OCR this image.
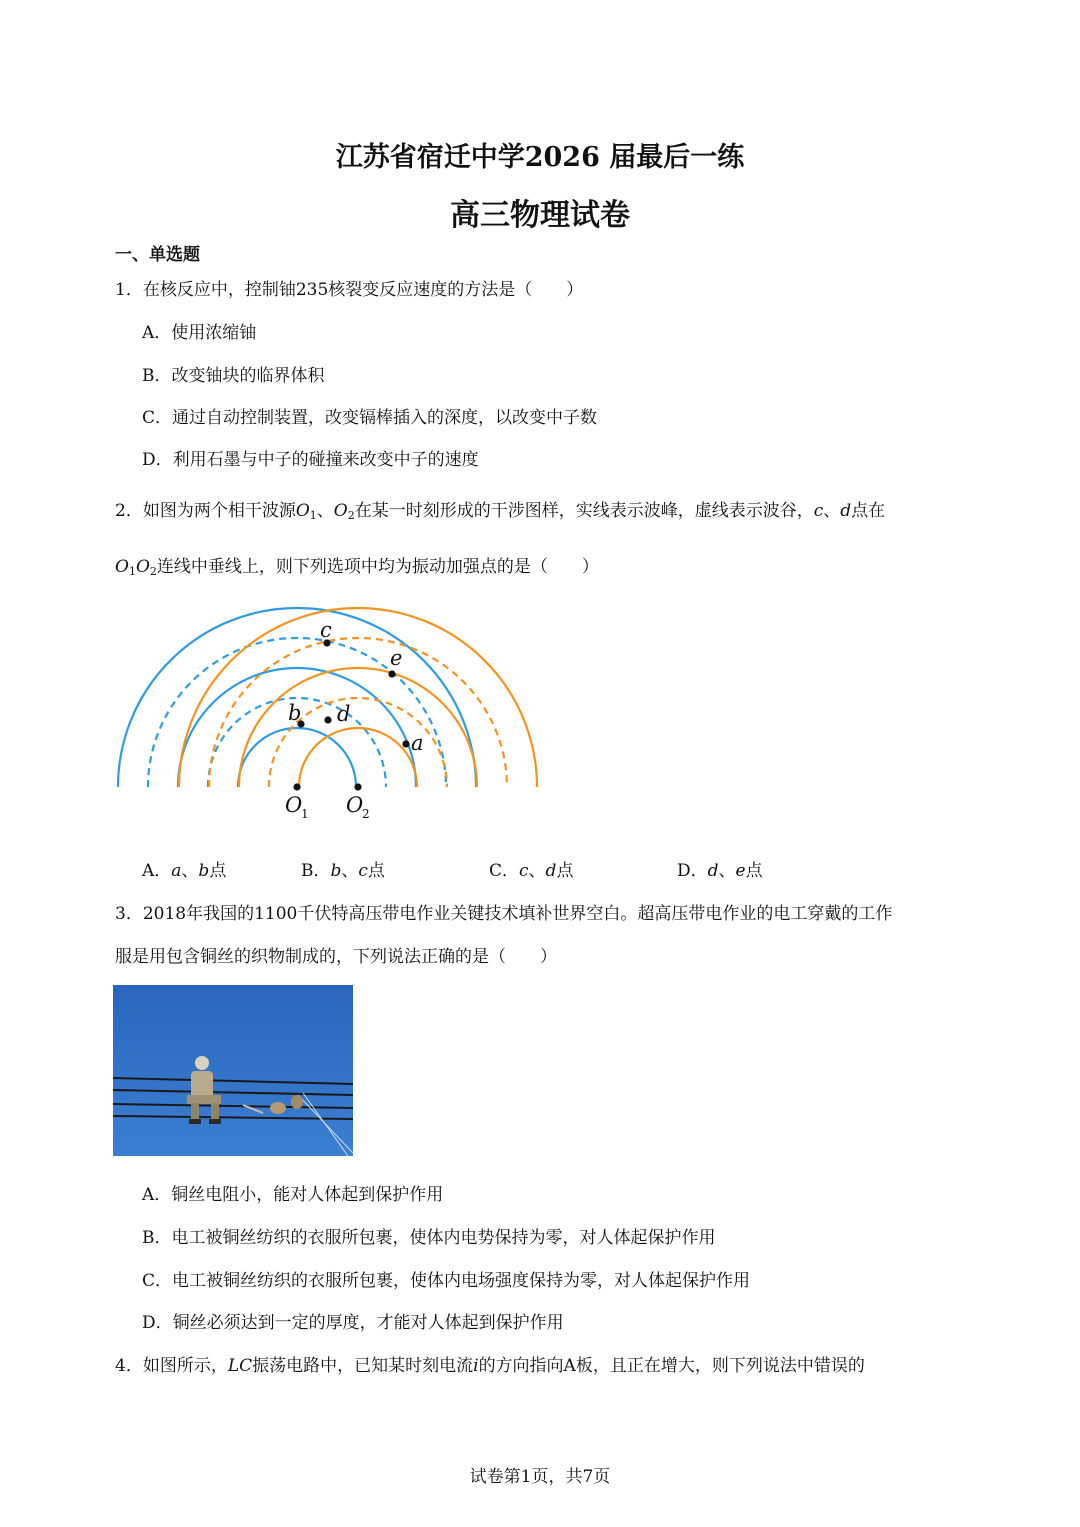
江苏省宿迁中学2026 届最后一练
高三物理试卷
一、单选题
1．在核反应中，控制铀235核裂变反应速度的方法是（　　）
A．使用浓缩铀
B．改变铀块的临界体积
C．通过自动控制装置，改变镉棒插入的深度，以改变中子数
D．利用石墨与中子的碰撞来改变中子的速度
2．如图为两个相干波源$O_1$、$O_2$在某一时刻形成的干涉图样，实线表示波峰，虚线表示波谷，c、d点在
$O_1O_2$连线中垂线上，则下列选项中均为振动加强点的是（　　）
c
e
b d
a
O O
1	2
A．a、b点	B．b、c点	C．c、d点	D．d、e点
3．2018年我国的1100千伏特高压带电作业关键技术填补世界空白。超高压带电作业的电工穿戴的工作
服是用包含铜丝的织物制成的，下列说法正确的是（　　）
A．铜丝电阻小，能对人体起到保护作用
B．电工被铜丝纺织的衣服所包裹，使体内电势保持为零，对人体起保护作用
C．电工被铜丝纺织的衣服所包裹，使体内电场强度保持为零，对人体起保护作用
D．铜丝必须达到一定的厚度，才能对人体起到保护作用
4．如图所示，LC振荡电路中，已知某时刻电流i的方向指向A板，且正在增大，则下列说法中错误的
试卷第1页，共7页
